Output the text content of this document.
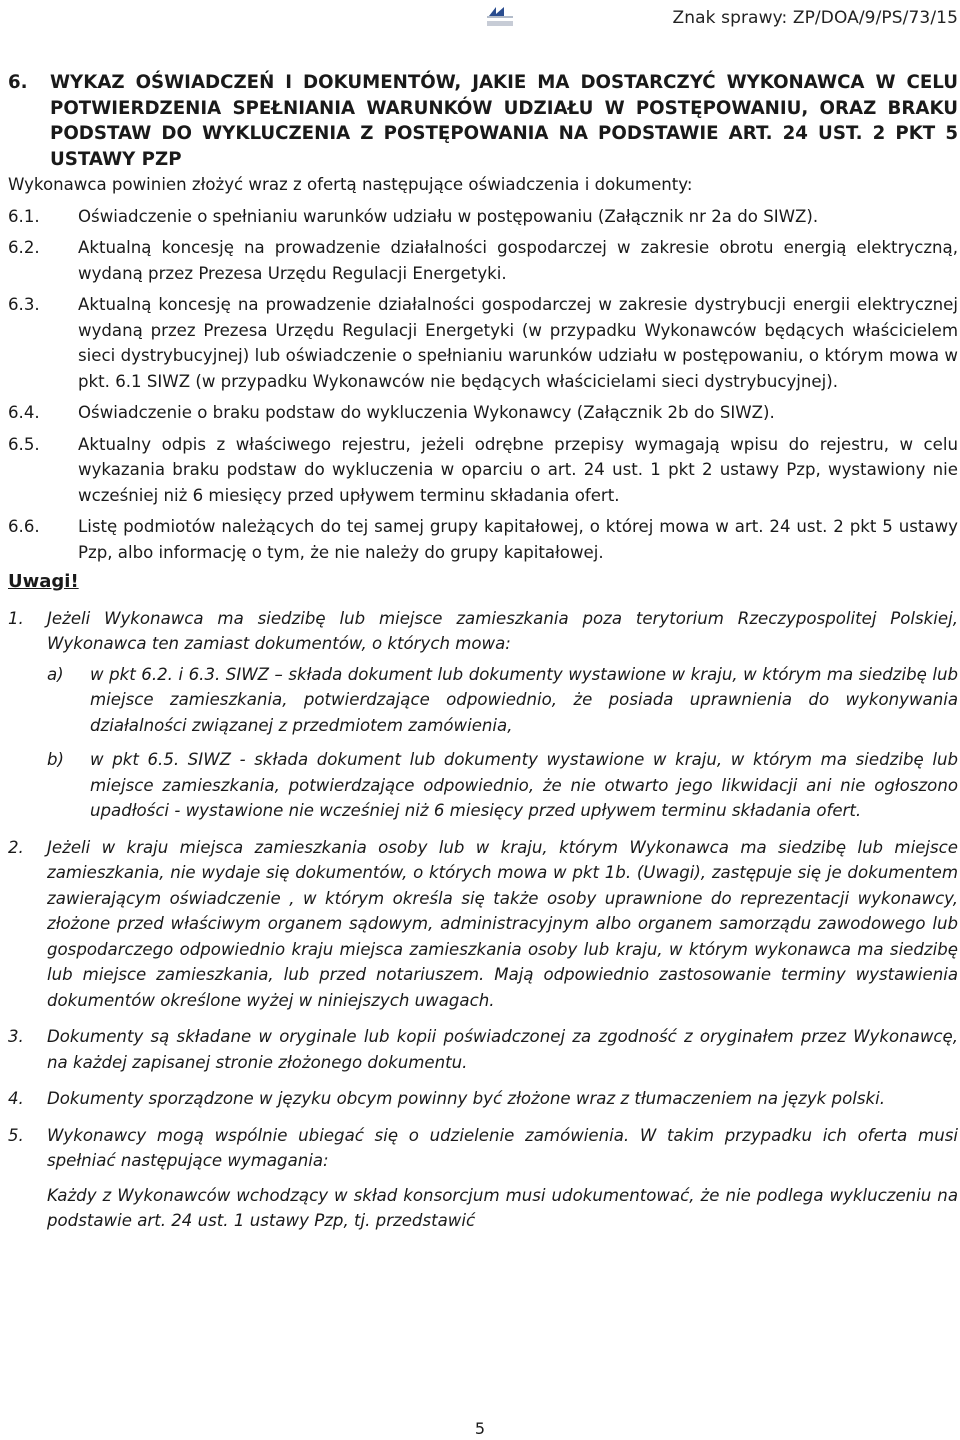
Znak sprawy: ZP/DOA/9/PS/73/15
6.	WYKAZ OŚWIADCZEŃ I DOKUMENTÓW, JAKIE MA DOSTARCZYĆ WYKONAWCA W CELU POTWIERDZENIA SPEŁNIANIA WARUNKÓW UDZIAŁU W POSTĘPOWANIU, ORAZ BRAKU PODSTAW DO WYKLUCZENIA Z POSTĘPOWANIA NA PODSTAWIE ART. 24 UST. 2 PKT 5 USTAWY PZP
Wykonawca powinien złożyć wraz z ofertą następujące oświadczenia i dokumenty:
6.1.	Oświadczenie o spełnianiu warunków udziału w postępowaniu (Załącznik nr 2a do SIWZ).
6.2.	Aktualną koncesję na prowadzenie działalności gospodarczej w zakresie obrotu energią elektryczną, wydaną przez Prezesa Urzędu Regulacji Energetyki.
6.3.	Aktualną koncesję na prowadzenie działalności gospodarczej w zakresie dystrybucji energii elektrycznej wydaną przez Prezesa Urzędu Regulacji Energetyki (w przypadku Wykonawców będących właścicielem sieci dystrybucyjnej) lub oświadczenie o spełnianiu warunków udziału w postępowaniu, o którym mowa w pkt. 6.1 SIWZ (w przypadku Wykonawców nie będących właścicielami sieci dystrybucyjnej).
6.4.	Oświadczenie o braku podstaw do wykluczenia Wykonawcy (Załącznik 2b do SIWZ).
6.5.	Aktualny odpis z właściwego rejestru, jeżeli odrębne przepisy wymagają wpisu do rejestru, w celu wykazania braku podstaw do wykluczenia w oparciu o art. 24 ust. 1 pkt 2 ustawy Pzp, wystawiony nie wcześniej niż 6 miesięcy przed upływem terminu składania ofert.
6.6.	Listę podmiotów należących do tej samej grupy kapitałowej, o której mowa w art. 24 ust. 2 pkt 5 ustawy Pzp, albo informację o tym, że nie należy do grupy kapitałowej.
Uwagi!
1.	Jeżeli Wykonawca ma siedzibę lub miejsce zamieszkania poza terytorium Rzeczypospolitej Polskiej, Wykonawca ten zamiast dokumentów, o których mowa:
a)	w pkt 6.2. i 6.3. SIWZ – składa dokument lub dokumenty wystawione w kraju, w którym ma siedzibę lub miejsce zamieszkania, potwierdzające odpowiednio, że posiada uprawnienia do wykonywania działalności związanej z przedmiotem zamówienia,
b)	w pkt 6.5. SIWZ - składa dokument lub dokumenty wystawione w kraju, w którym ma siedzibę lub miejsce zamieszkania, potwierdzające odpowiednio, że nie otwarto jego likwidacji ani nie ogłoszono upadłości - wystawione nie wcześniej niż 6 miesięcy przed upływem terminu składania ofert.
2.	Jeżeli w kraju miejsca zamieszkania osoby lub w kraju, którym Wykonawca ma siedzibę lub miejsce zamieszkania, nie wydaje się dokumentów, o których mowa w pkt 1b. (Uwagi), zastępuje się je dokumentem zawierającym oświadczenie , w którym określa się także osoby uprawnione do reprezentacji wykonawcy, złożone przed właściwym organem sądowym, administracyjnym albo organem samorządu zawodowego lub gospodarczego odpowiednio kraju miejsca zamieszkania osoby lub kraju, w którym wykonawca ma siedzibę lub miejsce zamieszkania, lub przed notariuszem. Mają odpowiednio zastosowanie terminy wystawienia dokumentów określone wyżej w niniejszych uwagach.
3.	Dokumenty są składane w oryginale lub kopii poświadczonej za zgodność z oryginałem przez Wykonawcę, na każdej zapisanej stronie złożonego dokumentu.
4.	Dokumenty sporządzone w języku obcym powinny być złożone wraz z tłumaczeniem na język polski.
5.	Wykonawcy mogą wspólnie ubiegać się o udzielenie zamówienia. W takim przypadku ich oferta musi spełniać następujące wymagania:
Każdy z Wykonawców wchodzący w skład konsorcjum musi udokumentować, że nie podlega wykluczeniu na podstawie art. 24 ust. 1 ustawy Pzp, tj. przedstawić
5
